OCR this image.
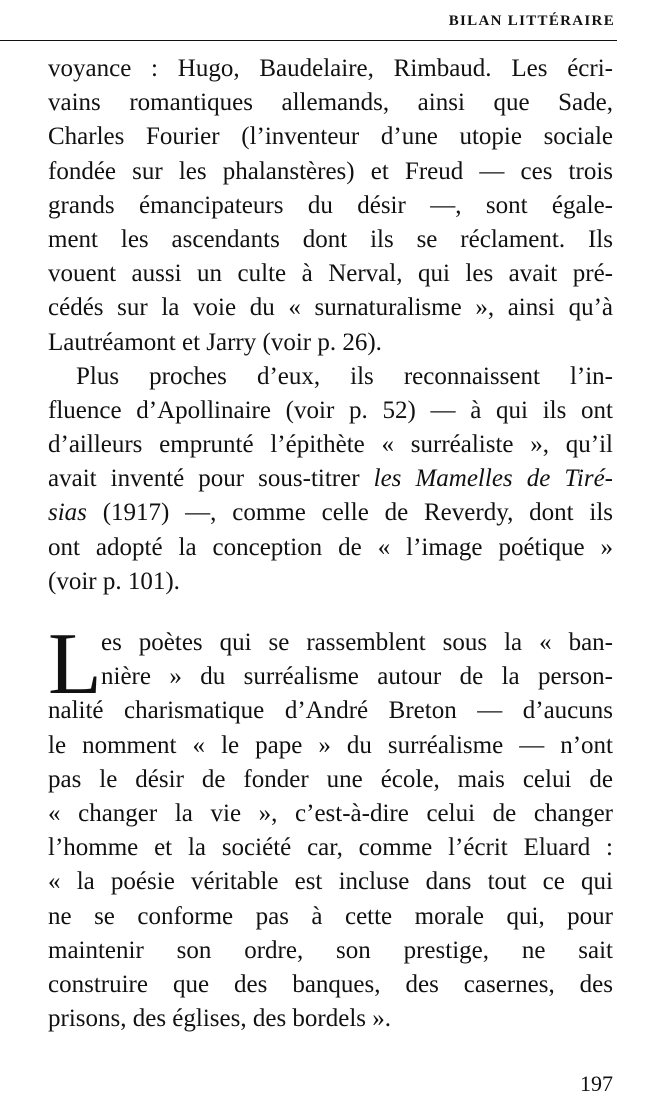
BILAN LITTÉRAIRE
voyance : Hugo, Baudelaire, Rimbaud. Les écri-
vains romantiques allemands, ainsi que Sade,
Charles Fourier (l’inventeur d’une utopie sociale
fondée sur les phalanstères) et Freud — ces trois
grands émancipateurs du désir —, sont égale-
ment les ascendants dont ils se réclament. Ils
vouent aussi un culte à Nerval, qui les avait pré-
cédés sur la voie du « surnaturalisme », ainsi qu’à
Lautréamont et Jarry (voir p. 26).
Plus proches d’eux, ils reconnaissent l’in-
fluence d’Apollinaire (voir p. 52) — à qui ils ont
d’ailleurs emprunté l’épithète « surréaliste », qu’il
avait inventé pour sous-titrer les Mamelles de Tiré-
sias (1917) —, comme celle de Reverdy, dont ils
ont adopté la conception de « l’image poétique »
(voir p. 101).
L es poètes qui se rassemblent sous la « ban-
nière » du surréalisme autour de la person-
nalité charismatique d’André Breton — d’aucuns
le nomment « le pape » du surréalisme — n’ont
pas le désir de fonder une école, mais celui de
« changer la vie », c’est-à-dire celui de changer
l’homme et la société car, comme l’écrit Eluard :
« la poésie véritable est incluse dans tout ce qui
ne se conforme pas à cette morale qui, pour
maintenir son ordre, son prestige, ne sait
construire que des banques, des casernes, des
prisons, des églises, des bordels ».
197
